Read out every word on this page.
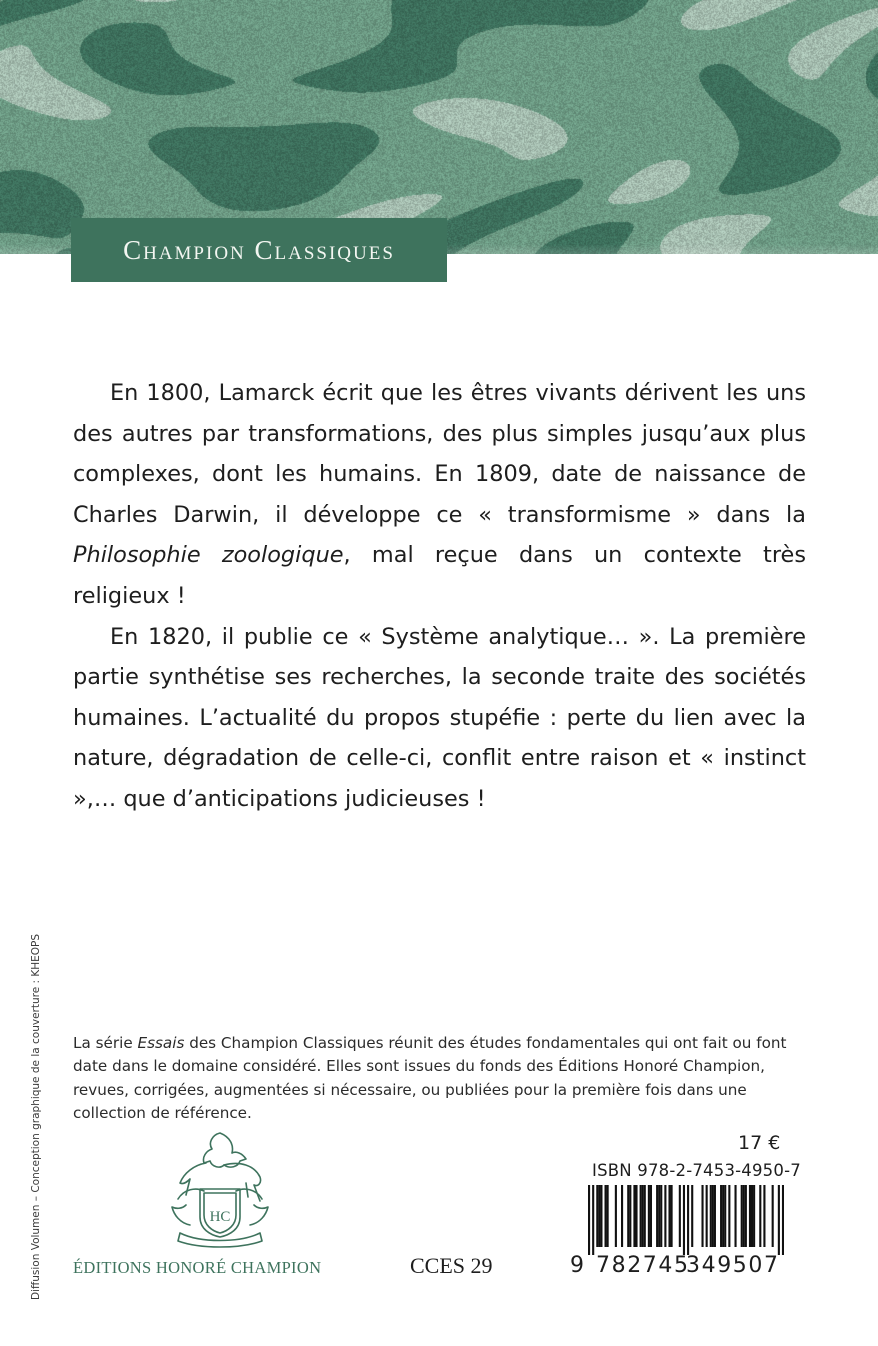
Champion Classiques

En 1800, Lamarck écrit que les êtres vivants dérivent les uns des autres par transformations, des plus simples jusqu’aux plus complexes, dont les humains. En 1809, date de naissance de Charles Darwin, il développe ce « transformisme » dans la Philosophie zoologique, mal reçue dans un contexte très religieux !

En 1820, il publie ce « Système analytique… ». La première partie synthétise ses recherches, la seconde traite des sociétés humaines. L’actualité du propos stupéfie : perte du lien avec la nature, dégradation de celle-ci, conflit entre raison et « instinct »,… que d’anticipations judicieuses !

La série Essais des Champion Classiques réunit des études fondamentales qui ont fait ou font date dans le domaine considéré. Elles sont issues du fonds des Éditions Honoré Champion, revues, corrigées, augmentées si nécessaire, ou publiées pour la première fois dans une collection de référence.
Diffusion Volumen – Conception graphique de la couverture : KHEOPS	HC
ÉDITIONS HONORÉ CHAMPION	CCES 29
17 €
ISBN 978-2-7453-4950-7
9 782745
349507
